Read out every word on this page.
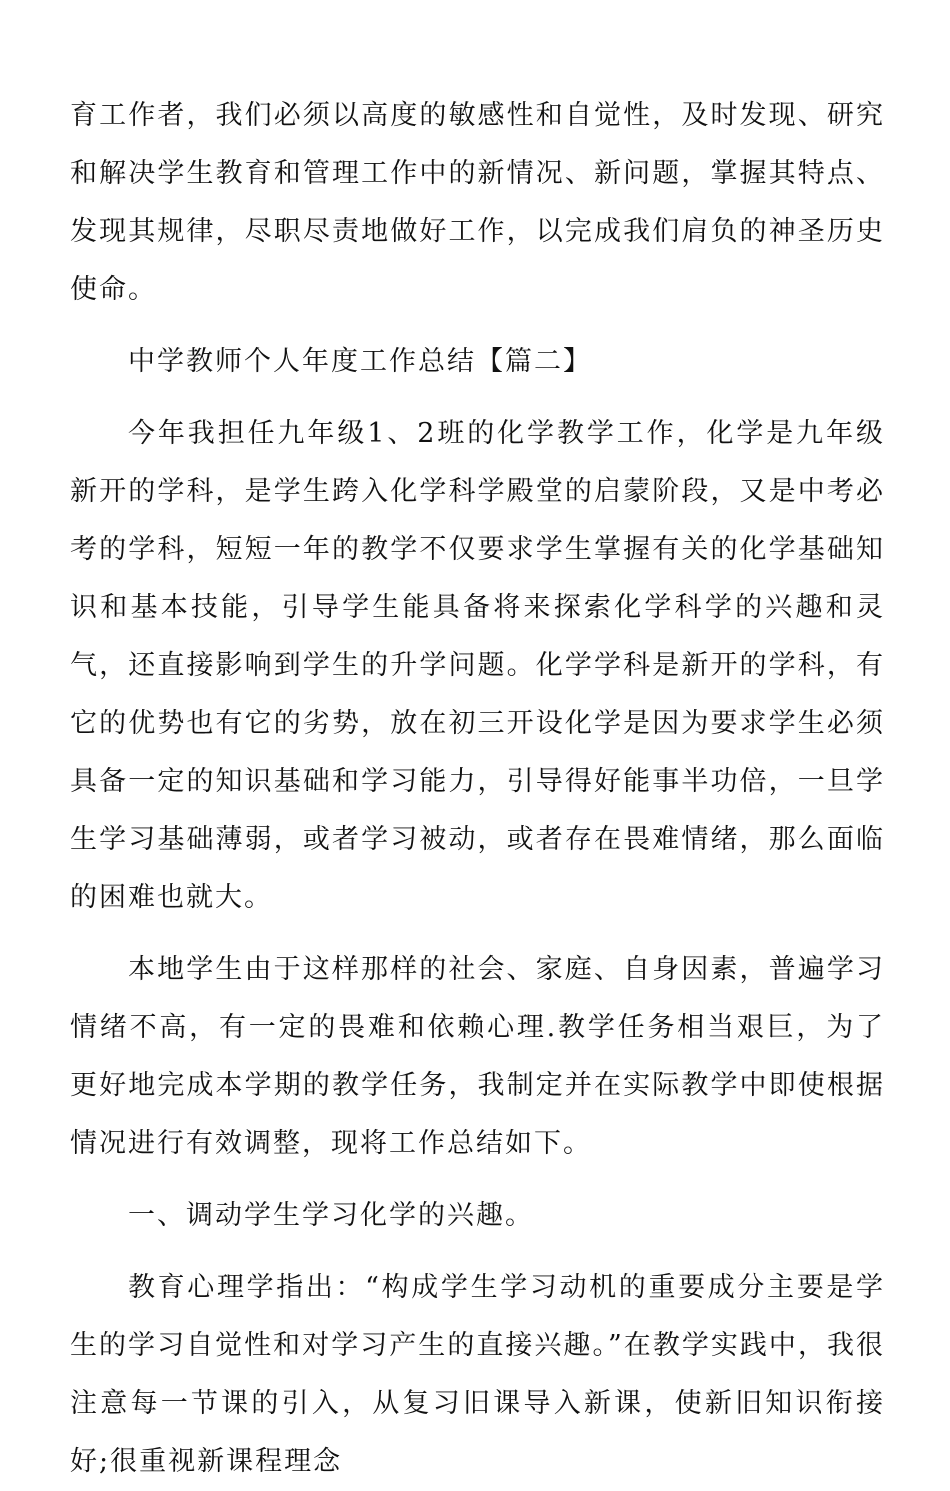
育工作者，我们必须以高度的敏感性和自觉性，及时发现、研究和解决学生教育和管理工作中的新情况、新问题，掌握其特点、发现其规律，尽职尽责地做好工作，以完成我们肩负的神圣历史使命。

中学教师个人年度工作总结【篇二】

今年我担任九年级1、2班的化学教学工作，化学是九年级新开的学科，是学生跨入化学科学殿堂的启蒙阶段，又是中考必考的学科，短短一年的教学不仅要求学生掌握有关的化学基础知识和基本技能，引导学生能具备将来探索化学科学的兴趣和灵气，还直接影响到学生的升学问题。化学学科是新开的学科，有它的优势也有它的劣势，放在初三开设化学是因为要求学生必须具备一定的知识基础和学习能力，引导得好能事半功倍，一旦学生学习基础薄弱，或者学习被动，或者存在畏难情绪，那么面临的困难也就大。

本地学生由于这样那样的社会、家庭、自身因素，普遍学习情绪不高，有一定的畏难和依赖心理.教学任务相当艰巨，为了更好地完成本学期的教学任务，我制定并在实际教学中即使根据情况进行有效调整，现将工作总结如下。

一、调动学生学习化学的兴趣。

教育心理学指出：“构成学生学习动机的重要成分主要是学生的学习自觉性和对学习产生的直接兴趣。”在教学实践中，我很注意每一节课的引入，从复习旧课导入新课，使新旧知识衔接好;很重视新课程理念
